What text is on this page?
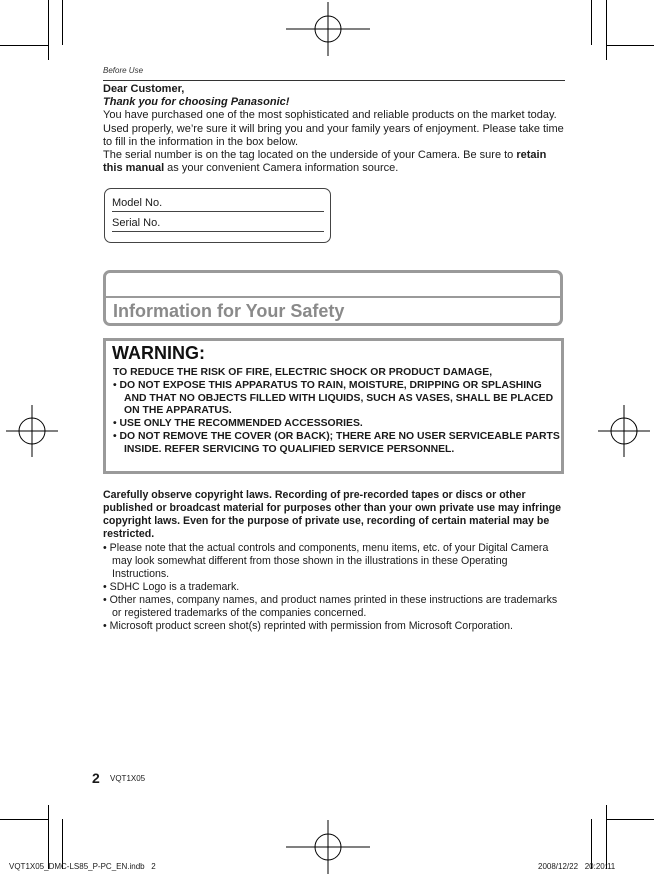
Before Use

Dear Customer,

Thank you for choosing Panasonic!

You have purchased one of the most sophisticated and reliable products on the market today. Used properly, we’re sure it will bring you and your family years of enjoyment. Please take time to fill in the information in the box below.

The serial number is on the tag located on the underside of your Camera. Be sure to retain this manual as your convenient Camera information source.

Model No.
Serial No.
Information for Your Safety
WARNING:
TO REDUCE THE RISK OF FIRE, ELECTRIC SHOCK OR PRODUCT DAMAGE,
• DO NOT EXPOSE THIS APPARATUS TO RAIN, MOISTURE, DRIPPING OR SPLASHING AND THAT NO OBJECTS FILLED WITH LIQUIDS, SUCH AS VASES, SHALL BE PLACED ON THE APPARATUS.
• USE ONLY THE RECOMMENDED ACCESSORIES.
• DO NOT REMOVE THE COVER (OR BACK); THERE ARE NO USER SERVICEABLE PARTS INSIDE. REFER SERVICING TO QUALIFIED SERVICE PERSONNEL.
Carefully observe copyright laws. Recording of pre-recorded tapes or discs or other published or broadcast material for purposes other than your own private use may infringe copyright laws. Even for the purpose of private use, recording of certain material may be restricted.
• Please note that the actual controls and components, menu items, etc. of your Digital Camera may look somewhat different from those shown in the illustrations in these Operating Instructions.
• SDHC Logo is a trademark.
• Other names, company names, and product names printed in these instructions are trademarks or registered trademarks of the companies concerned.
• Microsoft product screen shot(s) reprinted with permission from Microsoft Corporation.
2 VQT1X05
VQT1X05_DMC-LS85_P-PC_EN.indb   2	2008/12/22   20:20:11
